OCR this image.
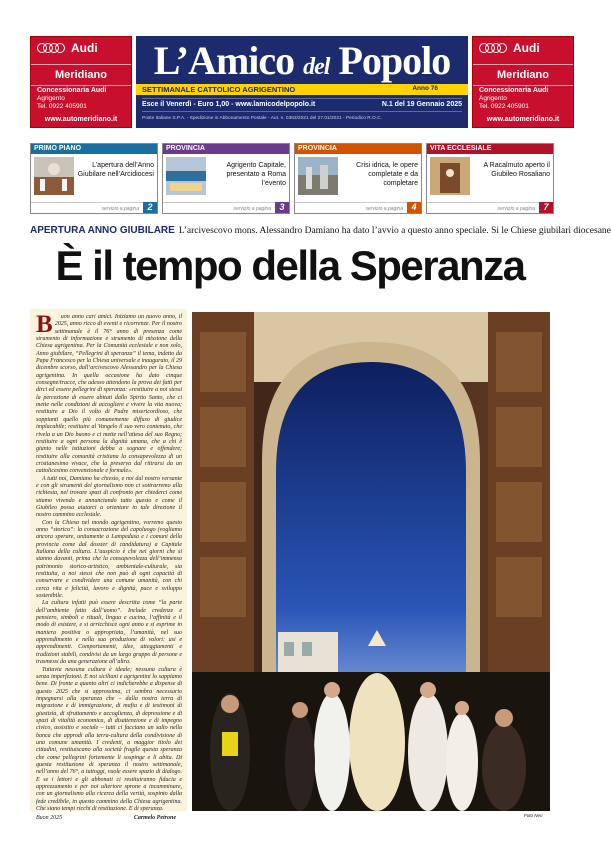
Audi
Meridiano
Concessionaria Audi
Agrigento
Tel. 0922 405901
www.automeridiano.it
L’Amico del Popolo
SETTIMANALE CATTOLICO AGRIGENTINO	Anno 76
Esce il Venerdì - Euro 1,00 - www.lamicodelpopolo.it	N.1 del 19 Gennaio 2025
Poste Italiane S.P.A. - Spedizione in Abbonamento Postale - Aut. n. 0363/2021 del 27.01/2021 - Periodico R.O.C.
Audi
Meridiano
Concessionaria Audi
Agrigento
Tel. 0922 405901
www.automeridiano.it
PRIMO PIANO
L’apertura dell’Anno Giubilare nell’Arcidiocesi
servizio a pagina 2
PROVINCIA
Agrigento Capitale, presentato a Roma l’evento
servizio a pagina 3
PROVINCIA
Crisi idrica, le opere completate e da completare
servizio a pagina 4
VITA ECCLESIALE
A Racalmuto aperto il Giubileo Rosaliano
servizio a pagina 7
APERTURA ANNO GIUBILARE L’arcivescovo mons. Alessandro Damiano ha dato l’avvio a questo anno speciale. Si le Chiese giubilari diocesane
È il tempo della Speranza
B	uon anno cari amici. Iniziamo un nuovo anno, il 2025, anno ricco di eventi e ricorrenze. Per il nostro settimanale è il 76° anno di presenza come strumento di informazione e strumento di missione della Chiesa agrigentina. Per la Comunità ecclesiale e non solo, Anno giubilare, “Pellegrini di speranza” il tema, indetto da Papa Francesco per la Chiesa universale e inaugurato, il 29 dicembre scorso, dall’arcivescovo Alessandro per la Chiesa agrigentina. In quella occasione ha dato cinque consegne/tracce, che adesso attendono la prova dei fatti per dirci ed essere pellegrini di speranza: «restituire a noi stessi la percezione di essere abitati dallo Spirito Santo, che ci mette nelle condizioni di accogliere e vivere la vita nuova; restituire a Dio il volto di Padre misericordioso, che soppianti quello più comunemente diffuso di giudice implacabile; restituire al Vangelo il suo vero contenuto, che rivela a un Dio buono e ci mette nell’attesa del suo Regno; restituire a ogni persona la dignità umana, che a chi è giunto nelle istituzioni debba a sognare e offendere; restituire alla comunità cristiana la consapevolezza di un cristianesimo vivace, che la preserva dal ritirarsi da un cattolicesimo convenzionale e formale».

A tutti noi, Damiano ha chiesto, e noi dal nostro versante e con gli strumenti del giornalismo non ci sottrarremo alla richiesta, nel trovare spazi di confronto per chiederci come stiamo vivendo e annunciando tutto questo e come il Giubileo possa aiutarci a orientare in tale direzione il nostro cammino ecclesiale.

Con la Chiesa nel mondo agrigentino, vorremo questo anno “storico”: la consacrazione del capoluogo (vogliamo ancora sperare, unitamente a Lampedusa e i comuni della provincia come dal dossier di candidatura) a Capitale Italiana della cultura. L’auspicio è che nei giorni che si stanno davanti, prima che la consapevolezza dell’immenso patrimonio storico-artistico, ambientale-culturale, sia restituita, a noi stessi che non può di ogni capacità di conservare e condividere una comune umanità, con chi cerca vita e felicità, lavoro e dignità, pace e sviluppo sostenibile.

La cultura infatti può essere descritta come “la parte dell’ambiente fatta dall’uomo”. Include credenze e pensiero, simboli e rituali, lingua e cucina, l’affinità e il modo di esistere, e si arricchisce ogni anno e si esprime in maniera positiva o appropriata, l’umanità, nel suo apprendimento e nella sua produzione di valori: usi e apprendimenti. Comportamenti, idee, atteggiamenti e tradizioni stabili, condivisi da un largo gruppo di persone e trasmessi da una generazione all’altra.

Tuttavia nessuna cultura è ideale; nessuna cultura è senza imperfezioni. E noi siciliani e agrigentini lo sappiamo bene. Di fronte a quanto altri ci indicherebbe a dispense di questo 2025 che si approssima, ci sembra necessario impegnarsi alla speranza che – dalla nostra terra di migrazione e di immigrazione, di mafia e di testimoni di giustizia, di sfruttamento e accoglienza, di depressione e di spazi di vitalità economica, di disattenzione e di impegno civico, assistito e sociale – tutti ci facciano un salto nella banca che approdi alla terra-cultura della condivisione di una comune umanità. I credenti, a maggior titolo dei cittadini, restituiscano alla società fragile questa speranza che come pellegrini fortemente li sospinge e li abita. Di questa restituzione di speranza il nostro settimanale, nell’anno del 76°, a tuttoggi, vuole essere spazio di dialogo. E se i lettori e gli abbonati ci restituiranno fiducia e apprezzamento e per noi ulteriore sprone a incamminare, con un giornalismo alla ricerca della verità, sospinto dalla fede credibile, in questo cammino della Chiesa agrigentina. Che siano tempi ricchi di restituzione. E di speranza.

Buon 2025	Carmelo Petrone	Foto Neri
